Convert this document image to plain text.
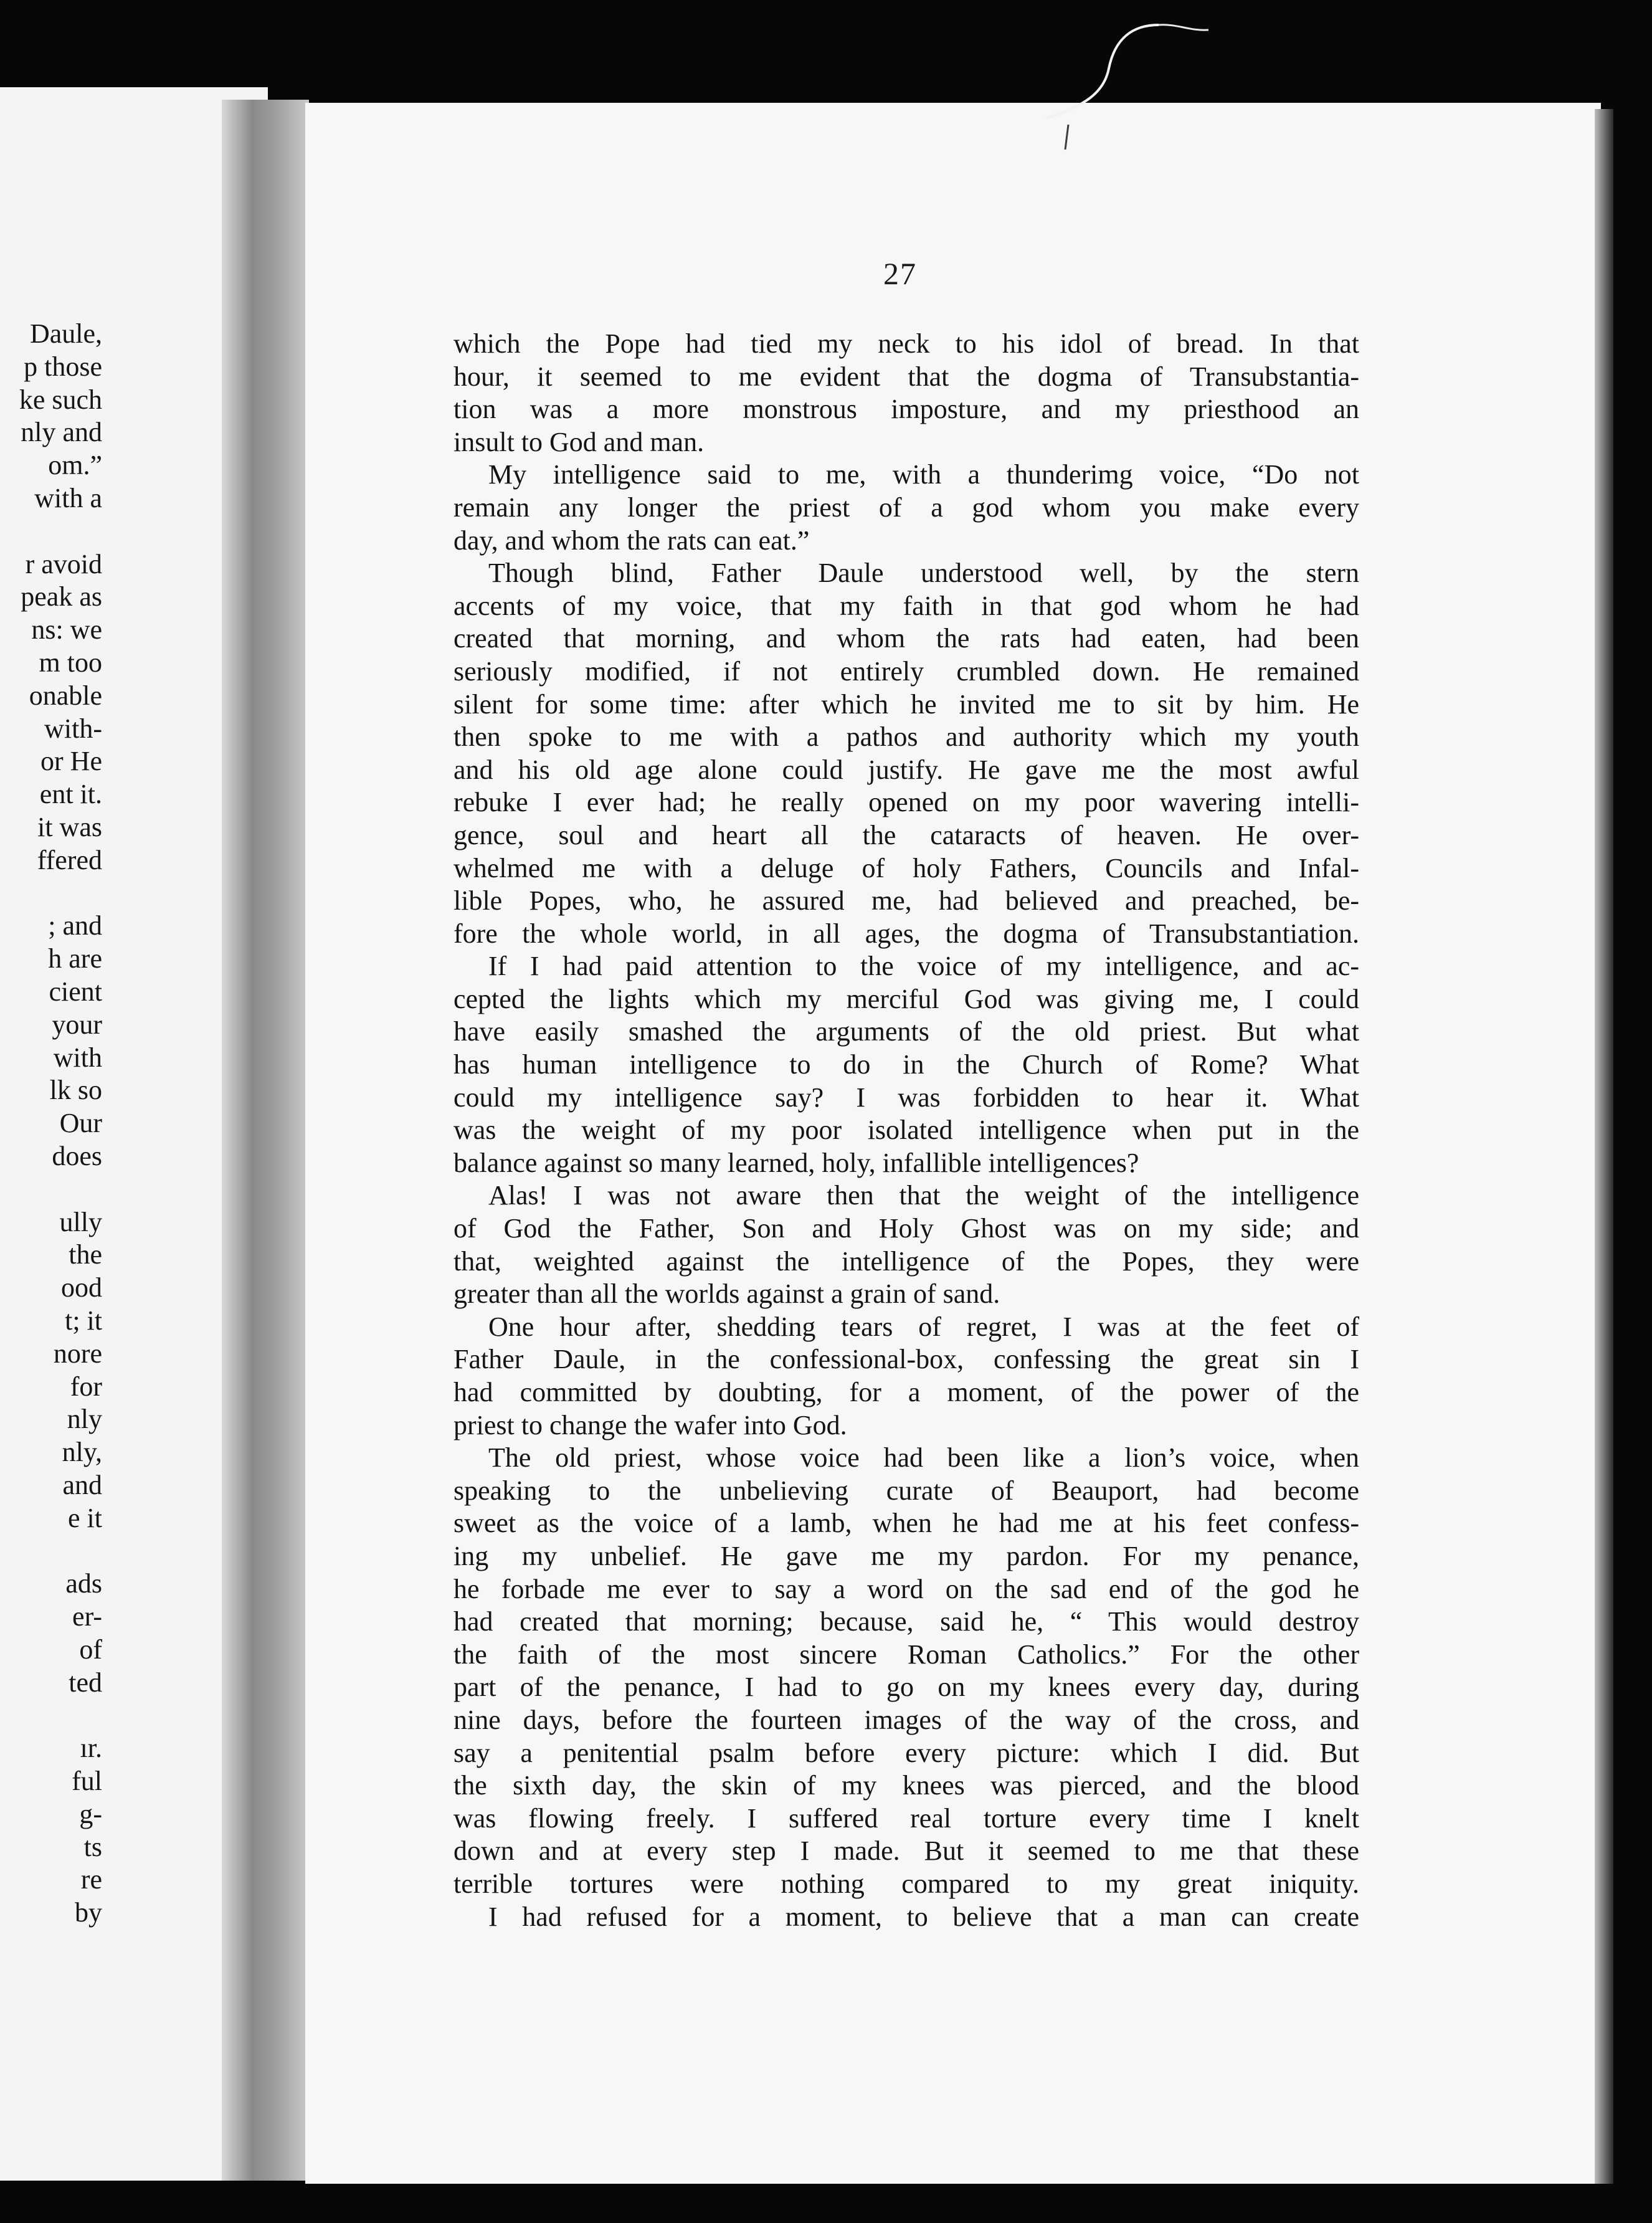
Daule,
p those
ke such
nly and
om.”
with a
r avoid
peak as
ns: we
m too
onable
with-
or He
ent it.
it was
ffered
; and
h are
cient
your
with
lk so
Our
does
ully
the
ood
t; it
nore
for
nly
nly,
and
e it
ads
er-
of
ted
ır.
ful
g-
ts
re
by
27
which the Pope had tied my neck to his idol of bread. In that
hour, it seemed to me evident that the dogma of Transubstantia-
tion was a more monstrous imposture, and my priesthood an
insult to God and man.
My intelligence said to me, with a thunderimg voice, “Do not
remain any longer the priest of a god whom you make every
day, and whom the rats can eat.”
Though blind, Father Daule understood well, by the stern
accents of my voice, that my faith in that god whom he had
created that morning, and whom the rats had eaten, had been
seriously modified, if not entirely crumbled down. He remained
silent for some time: after which he invited me to sit by him. He
then spoke to me with a pathos and authority which my youth
and his old age alone could justify. He gave me the most awful
rebuke I ever had; he really opened on my poor wavering intelli-
gence, soul and heart all the cataracts of heaven. He over-
whelmed me with a deluge of holy Fathers, Councils and Infal-
lible Popes, who, he assured me, had believed and preached, be-
fore the whole world, in all ages, the dogma of Transubstantiation.
If I had paid attention to the voice of my intelligence, and ac-
cepted the lights which my merciful God was giving me, I could
have easily smashed the arguments of the old priest. But what
has human intelligence to do in the Church of Rome? What
could my intelligence say? I was forbidden to hear it. What
was the weight of my poor isolated intelligence when put in the
balance against so many learned, holy, infallible intelligences?
Alas! I was not aware then that the weight of the intelligence
of God the Father, Son and Holy Ghost was on my side; and
that, weighted against the intelligence of the Popes, they were
greater than all the worlds against a grain of sand.
One hour after, shedding tears of regret, I was at the feet of
Father Daule, in the confessional-box, confessing the great sin I
had committed by doubting, for a moment, of the power of the
priest to change the wafer into God.
The old priest, whose voice had been like a lion’s voice, when
speaking to the unbelieving curate of Beauport, had become
sweet as the voice of a lamb, when he had me at his feet confess-
ing my unbelief. He gave me my pardon. For my penance,
he forbade me ever to say a word on the sad end of the god he
had created that morning; because, said he, “ This would destroy
the faith of the most sincere Roman Catholics.” For the other
part of the penance, I had to go on my knees every day, during
nine days, before the fourteen images of the way of the cross, and
say a penitential psalm before every picture: which I did. But
the sixth day, the skin of my knees was pierced, and the blood
was flowing freely. I suffered real torture every time I knelt
down and at every step I made. But it seemed to me that these
terrible tortures were nothing compared to my great iniquity.
I had refused for a moment, to believe that a man can create
